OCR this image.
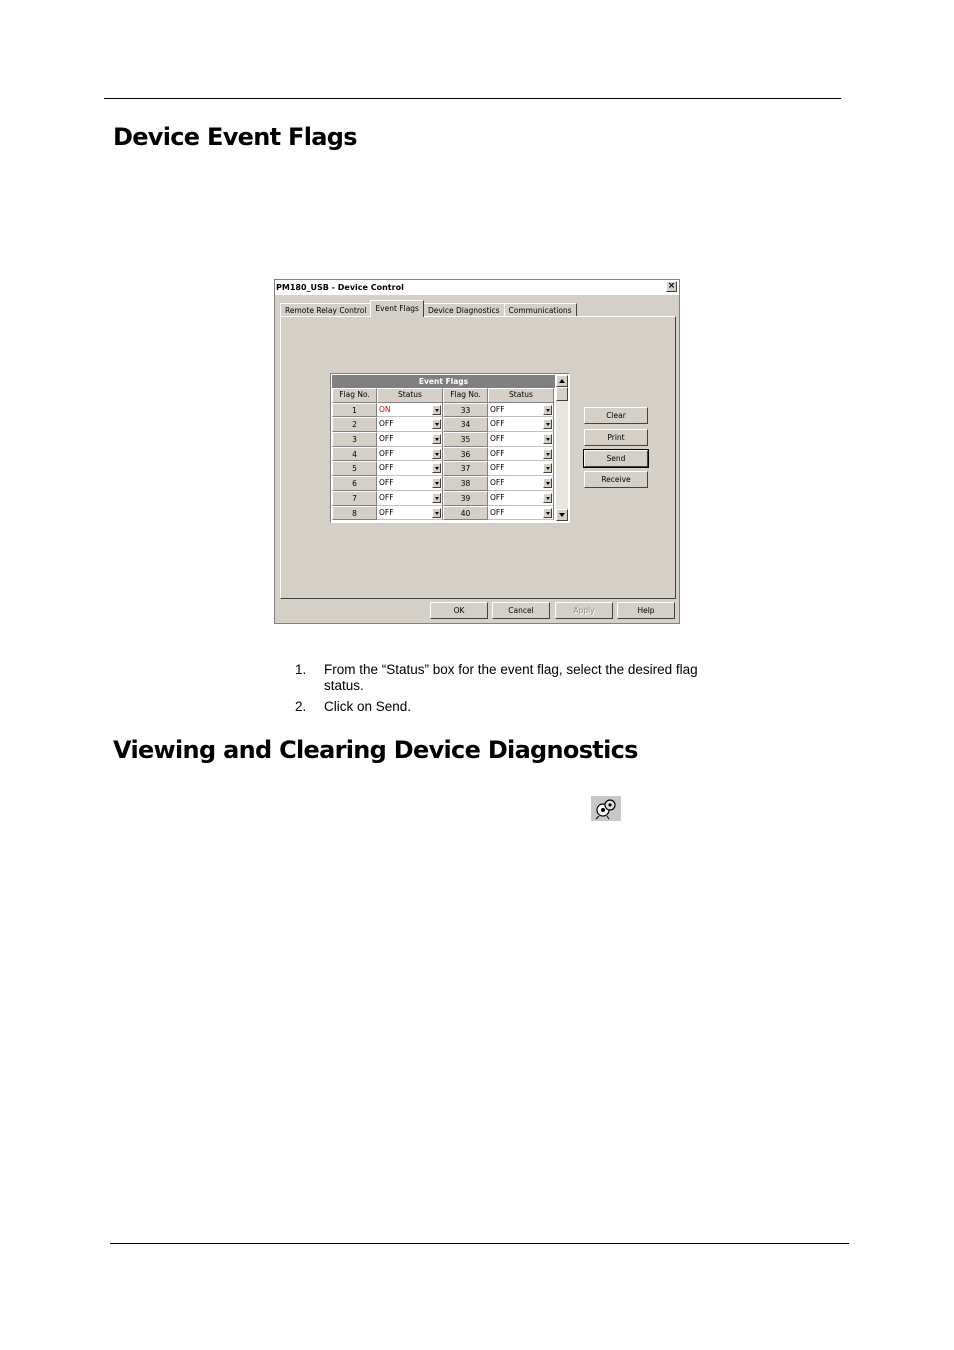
Device Event Flags
PM180_USB - Device Control	×
Remote Relay Control	Event Flags	Device Diagnostics	Communications
Event Flags
Flag No.	Status	Flag No.	Status
1	ON	33	OFF
2	OFF	34	OFF
3	OFF	35	OFF
4	OFF	36	OFF
5	OFF	37	OFF
6	OFF	38	OFF
7	OFF	39	OFF
8	OFF	40	OFF
Clear
Print
Send
Receive
OK	Cancel	Apply	Help
1.	From the “Status” box for the event flag, select the desired flag status.
2.	Click on Send.
Viewing and Clearing Device Diagnostics
